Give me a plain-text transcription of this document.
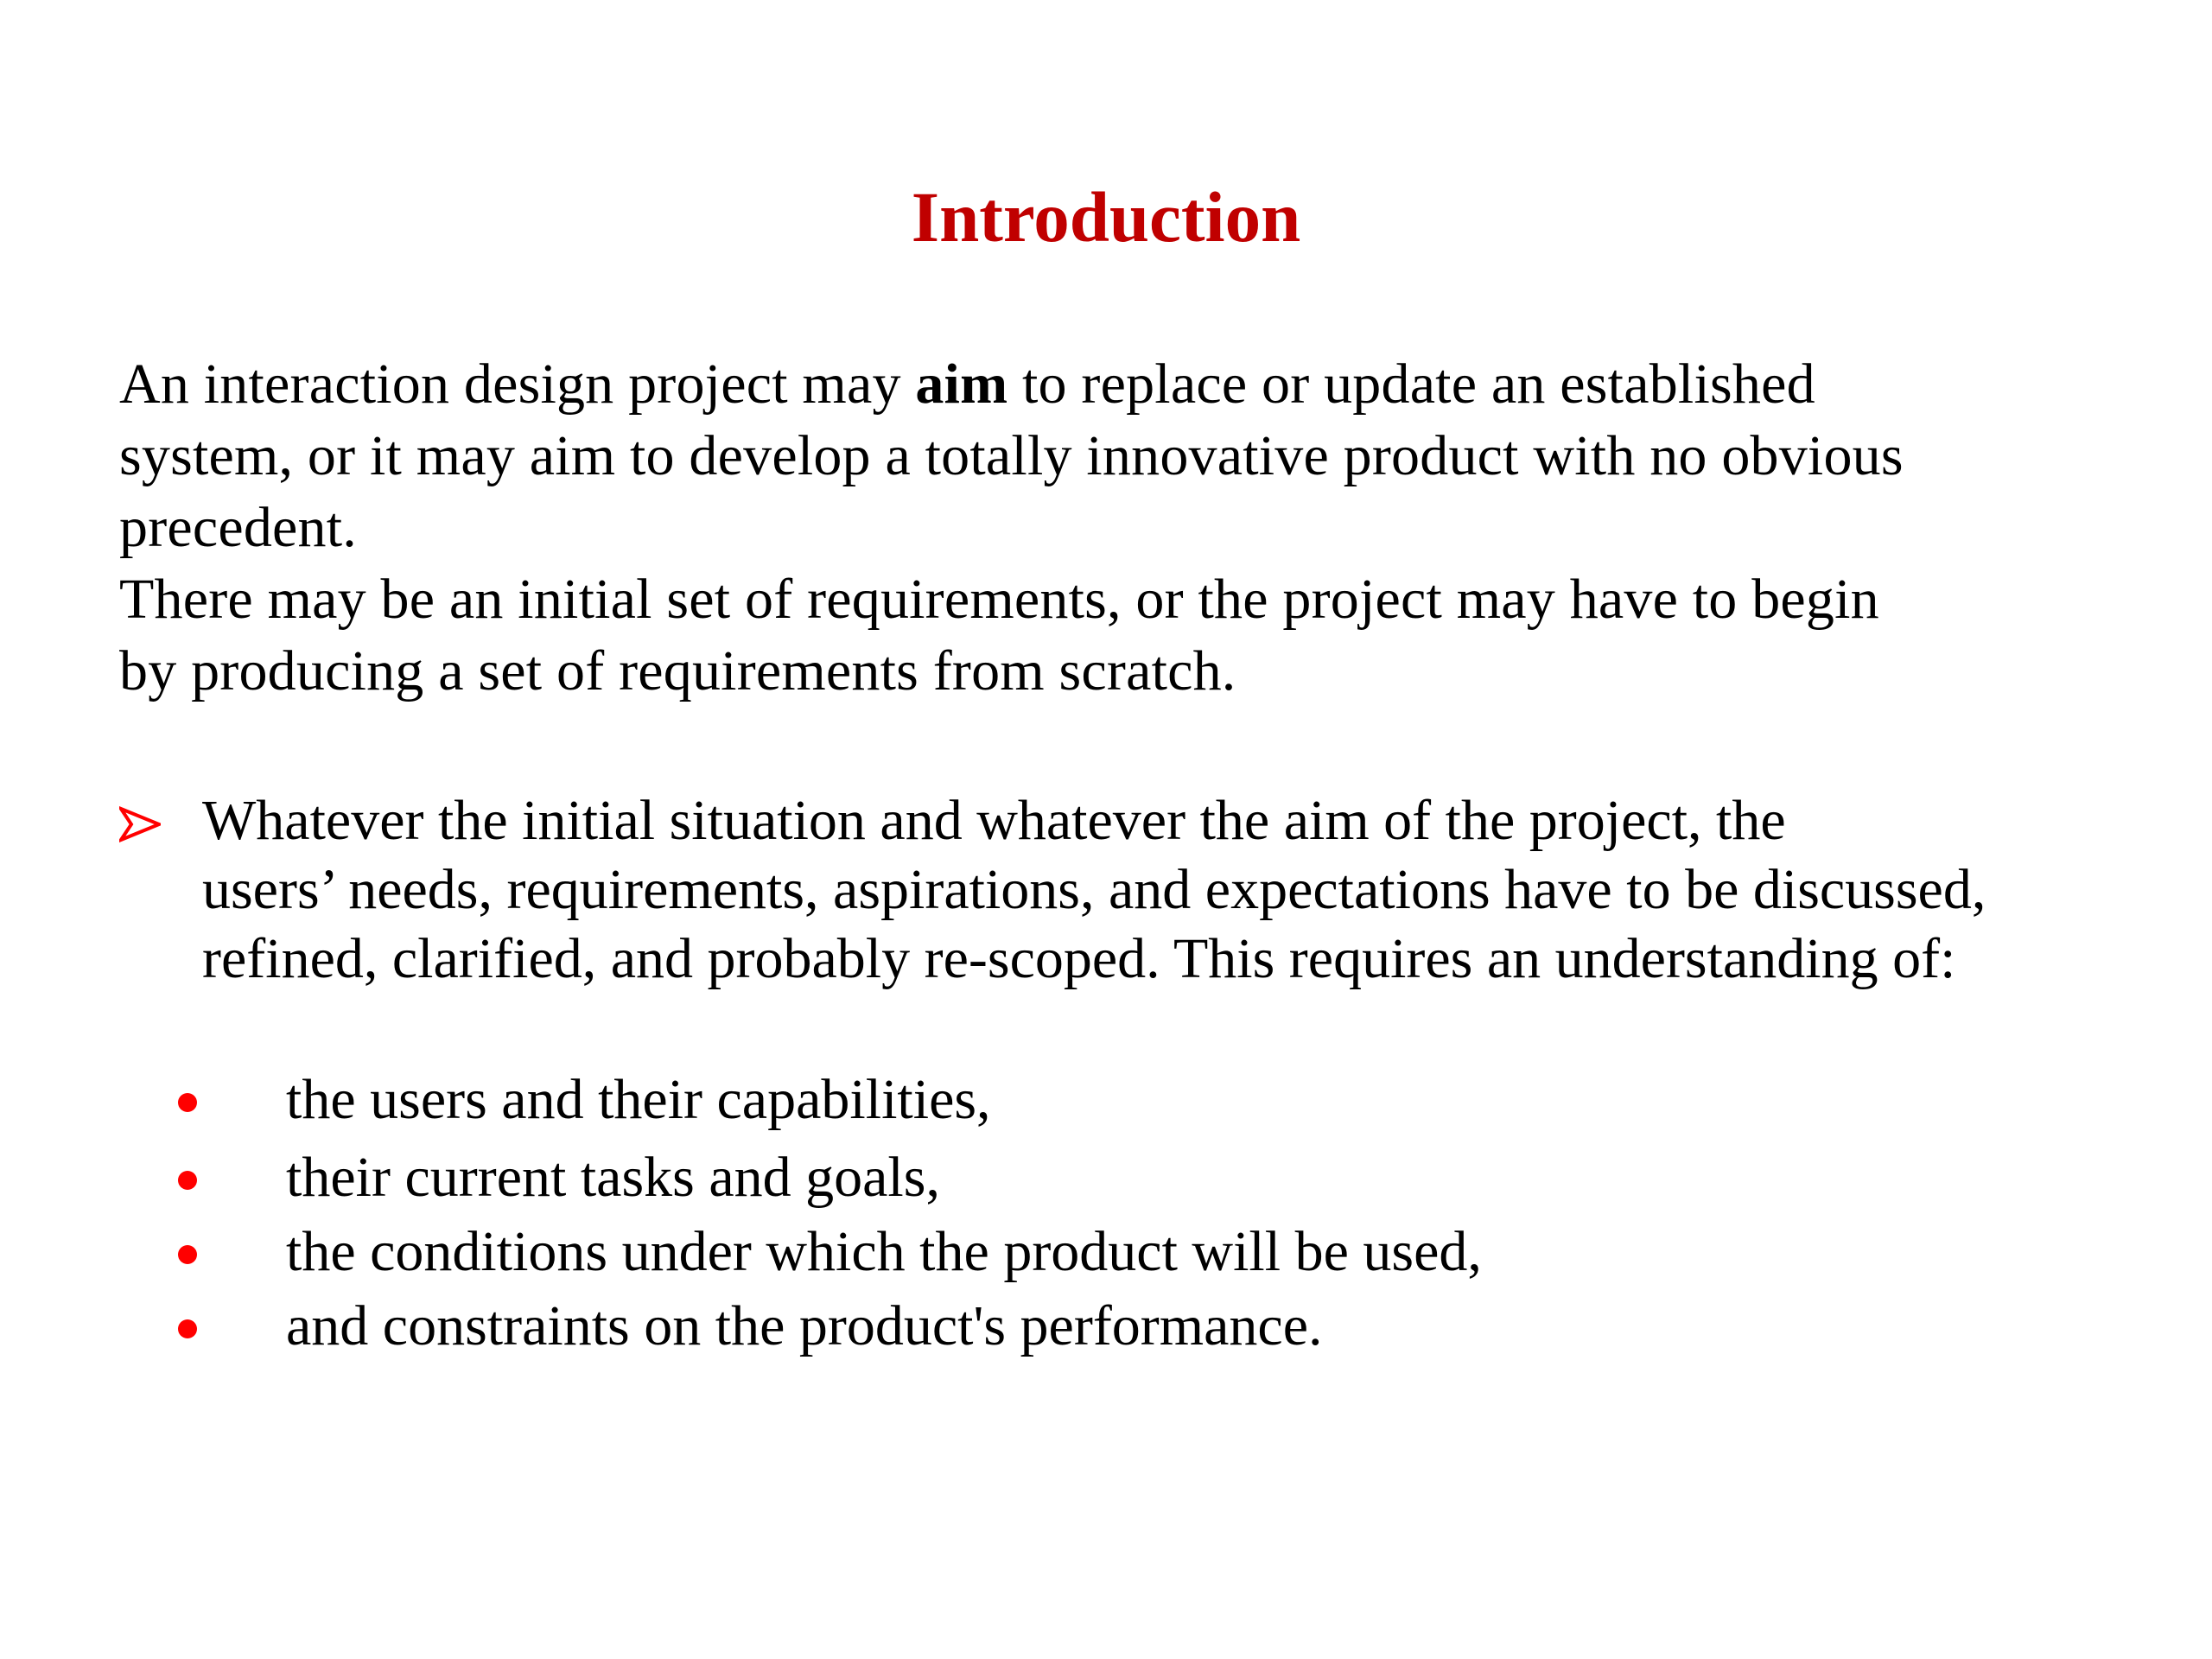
Introduction

An interaction design project may aim to replace or update an established

system, or it may aim to develop a totally innovative product with no obvious

precedent.

There may be an initial set of requirements, or the project may have to begin

by producing a set of requirements from scratch.

Whatever the initial situation and whatever the aim of the project, the

users’ needs, requirements, aspirations, and expectations have to be discussed,

refined, clarified, and probably re-scoped. This requires an understanding of:

the users and their capabilities,
their current tasks and goals,
the conditions under which the product will be used,
and constraints on the product's performance.
